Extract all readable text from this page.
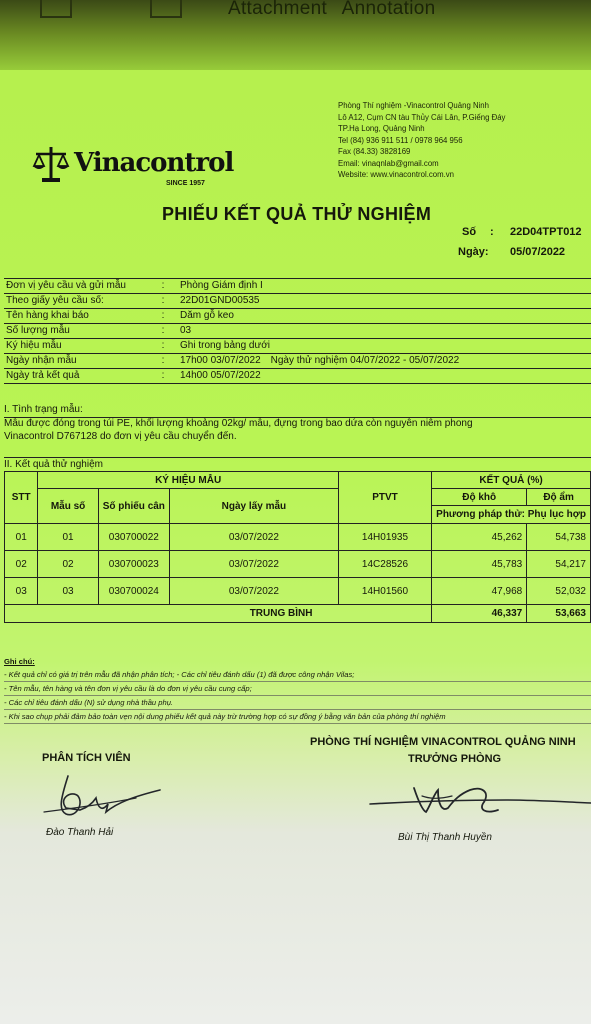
Attachment Annotation
Phòng Thí nghiệm -Vinacontrol Quảng Ninh
Lô A12, Cụm CN tàu Thủy Cái Lân, P.Giếng Đáy
TP.Hạ Long, Quảng Ninh
Tel (84) 936 911 511 / 0978 964 956
Fax (84.33) 3828169
Email: vinaqnlab@gmail.com
Website: www.vinacontrol.com.vn
Vinacontrol
SINCE 1957
PHIẾU KẾT QUẢ THỬ NGHIỆM
Số : 22D04TPT012
Ngày: 05/07/2022
Đơn vị yêu cầu và gửi mẫu	:	Phòng Giám định I
Theo giấy yêu cầu số:	:	22D01GND00535
Tên hàng khai báo	:	Dăm gỗ keo
Số lượng mẫu	:	03
Ký hiệu mẫu	:	Ghi trong bảng dưới
Ngày nhận mẫu	:	17h00 03/07/2022	Ngày thử nghiệm 04/07/2022 - 05/07/2022
Ngày trả kết quả	:	14h00 05/07/2022
I. Tình trạng mẫu:
Mẫu được đóng trong túi PE, khối lượng khoảng 02kg/ mẫu, đựng trong bao dứa còn nguyên niêm phong
Vinacontrol D767128 do đơn vị yêu cầu chuyển đến.
II. Kết quả thử nghiệm
STT	KÝ HIỆU MẪU			PTVT	KẾT QUẢ (%)	
	Mẫu số	Số phiếu cân	Ngày lấy mẫu		Độ khô	Độ ẩm
					Phương pháp thử: Phụ lục hợp	
01	01	030700022	03/07/2022	14H01935	45,262	54,738
02	02	030700023	03/07/2022	14C28526	45,783	54,217
03	03	030700024	03/07/2022	14H01560	47,968	52,032
TRUNG BÌNH					46,337	53,663
Ghi chú:
- Kết quả chỉ có giá trị trên mẫu đã nhận phân tích; - Các chỉ tiêu đánh dấu (1) đã được công nhận Vilas;
- Tên mẫu, tên hàng và tên đơn vị yêu cầu là do đơn vị yêu cầu cung cấp;
- Các chỉ tiêu đánh dấu (N) sử dụng nhà thầu phụ.
- Khi sao chụp phải đảm bảo toàn vẹn nội dung phiếu kết quả này trừ trường hợp có sự đồng ý bằng văn bản của phòng thí nghiệm
PHÂN TÍCH VIÊN
PHÒNG THÍ NGHIỆM VINACONTROL QUẢNG NINH
TRƯỞNG PHÒNG
Đào Thanh Hải	Bùi Thị Thanh Huyền
